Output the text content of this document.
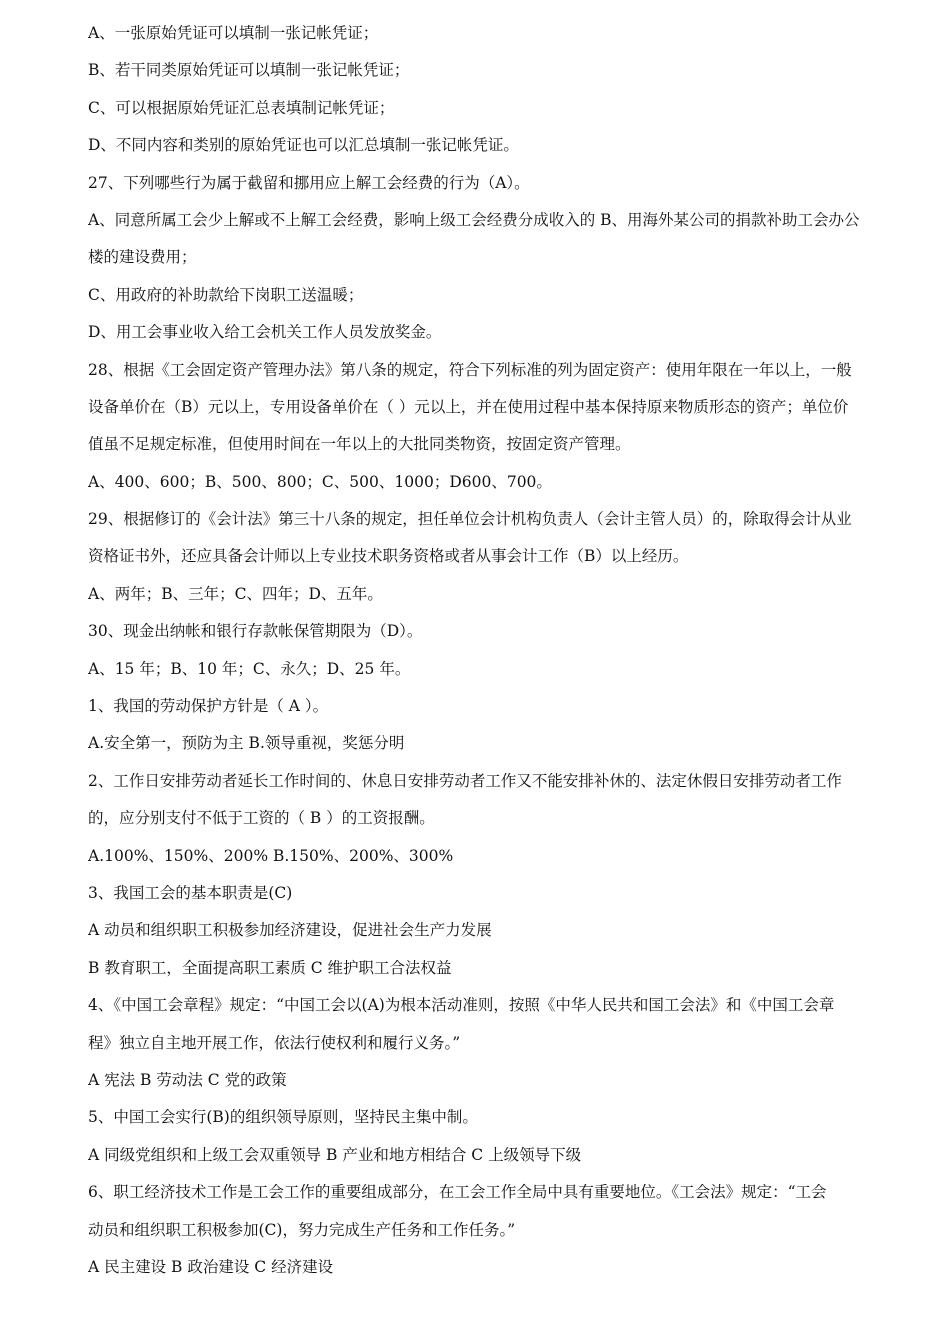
A、一张原始凭证可以填制一张记帐凭证；
B、若干同类原始凭证可以填制一张记帐凭证；
C、可以根据原始凭证汇总表填制记帐凭证；
D、不同内容和类别的原始凭证也可以汇总填制一张记帐凭证。
27、下列哪些行为属于截留和挪用应上解工会经费的行为（A）。
A、同意所属工会少上解或不上解工会经费，影响上级工会经费分成收入的 B、用海外某公司的捐款补助工会办公
楼的建设费用；
C、用政府的补助款给下岗职工送温暖；
D、用工会事业收入给工会机关工作人员发放奖金。
28、根据《工会固定资产管理办法》第八条的规定，符合下列标准的列为固定资产：使用年限在一年以上，一般
设备单价在（B）元以上，专用设备单价在（ ）元以上，并在使用过程中基本保持原来物质形态的资产；单位价
值虽不足规定标准，但使用时间在一年以上的大批同类物资，按固定资产管理。
A、400、600；B、500、800；C、500、1000；D600、700。
29、根据修订的《会计法》第三十八条的规定，担任单位会计机构负责人（会计主管人员）的，除取得会计从业
资格证书外，还应具备会计师以上专业技术职务资格或者从事会计工作（B）以上经历。
A、两年；B、三年；C、四年；D、五年。
30、现金出纳帐和银行存款帐保管期限为（D）。
A、15 年；B、10 年；C、永久；D、25 年。
1、我国的劳动保护方针是（ A ）。
A.安全第一，预防为主 B.领导重视，奖惩分明
2、工作日安排劳动者延长工作时间的、休息日安排劳动者工作又不能安排补休的、法定休假日安排劳动者工作
的，应分别支付不低于工资的（ B ）的工资报酬。
A.100%、150%、200% B.150%、200%、300%
3、我国工会的基本职责是(C)
A 动员和组织职工积极参加经济建设，促进社会生产力发展
B 教育职工，全面提高职工素质 C 维护职工合法权益
4、《中国工会章程》规定：“中国工会以(A)为根本活动准则，按照《中华人民共和国工会法》和《中国工会章
程》独立自主地开展工作，依法行使权利和履行义务。”
A 宪法 B 劳动法 C 党的政策
5、中国工会实行(B)的组织领导原则，坚持民主集中制。
A 同级党组织和上级工会双重领导 B 产业和地方相结合 C 上级领导下级
6、职工经济技术工作是工会工作的重要组成部分，在工会工作全局中具有重要地位。《工会法》规定：“工会
动员和组织职工积极参加(C)，努力完成生产任务和工作任务。”
A 民主建设 B 政治建设 C 经济建设
